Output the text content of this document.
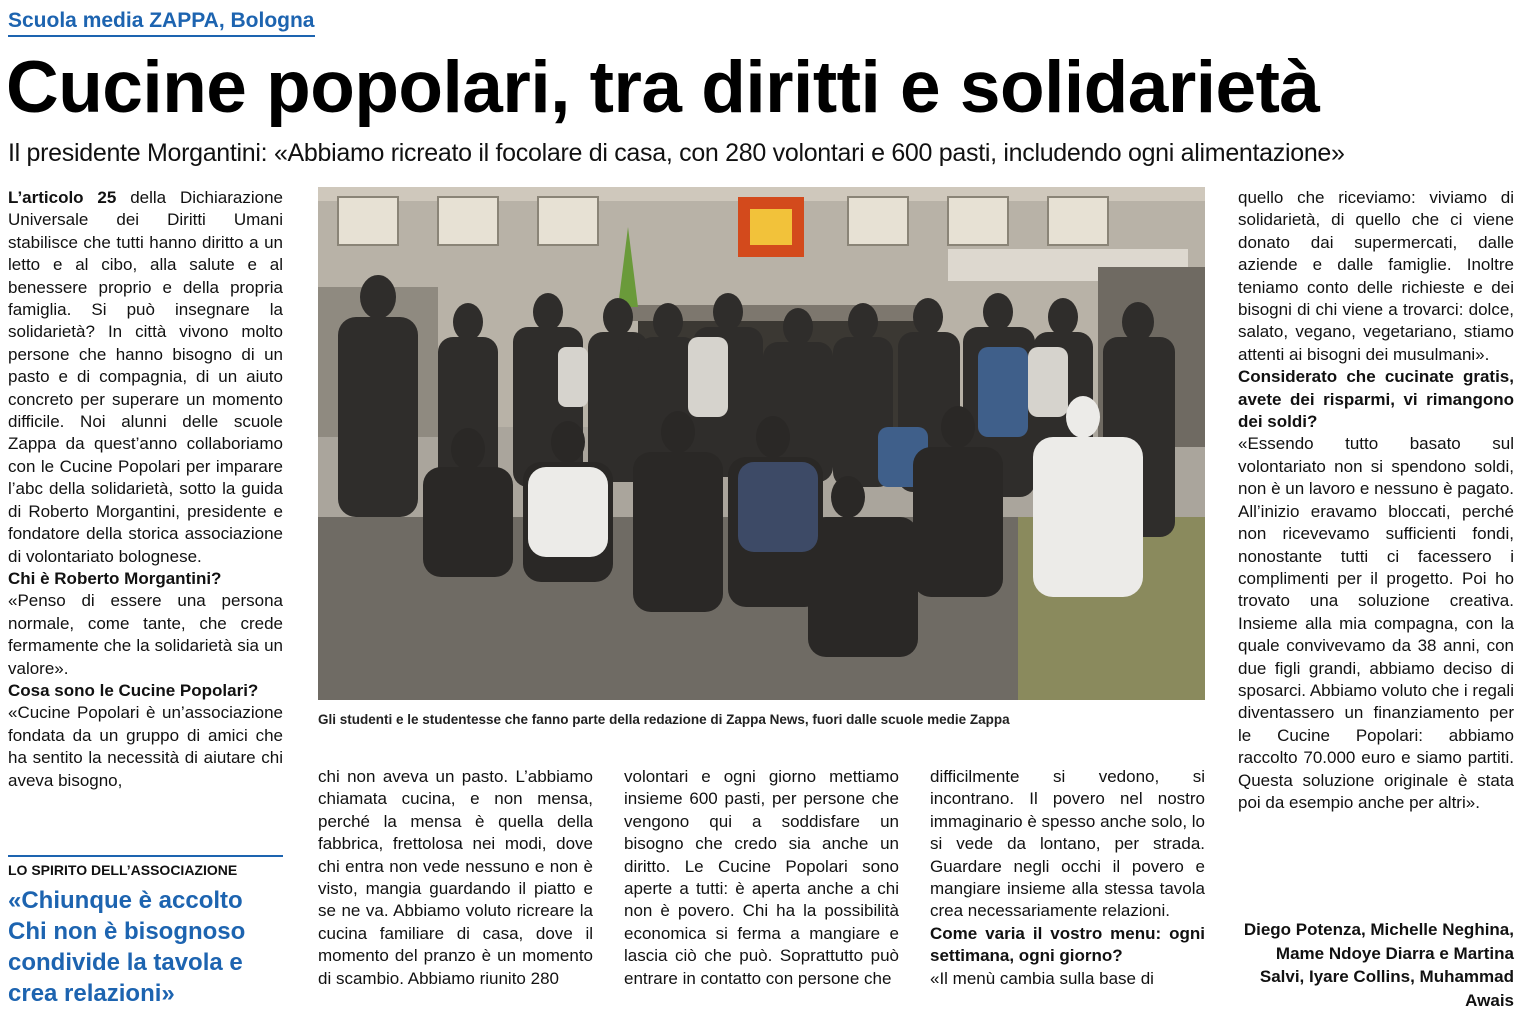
Scuola media ZAPPA, Bologna
Cucine popolari, tra diritti e solidarietà
Il presidente Morgantini: «Abbiamo ricreato il focolare di casa, con 280 volontari e 600 pasti, includendo ogni alimentazione»

L’articolo 25 della Dichiarazione Universale dei Diritti Umani stabilisce che tutti hanno diritto a un letto e al cibo, alla salute e al benessere proprio e della propria famiglia. Si può insegnare la solidarietà? In città vivono molto persone che hanno bisogno di un pasto e di compagnia, di un aiuto concreto per superare un momento difficile. Noi alunni delle scuole Zappa da quest’anno collaboriamo con le Cucine Popolari per imparare l’abc della solidarietà, sotto la guida di Roberto Morgantini, presidente e fondatore della storica associazione di volontariato bolognese.

Chi è Roberto Morgantini?

«Penso di essere una persona normale, come tante, che crede fermamente che la solidarietà sia un valore».

Cosa sono le Cucine Popolari?

«Cucine Popolari è un’associazione fondata da un gruppo di amici che ha sentito la necessità di aiutare chi aveva bisogno,

LO SPIRITO DELL’ASSOCIAZIONE
«Chiunque è accolto Chi non è bisognoso condivide la tavola e crea relazioni»
Gli studenti e le studentesse che fanno parte della redazione di Zappa News, fuori dalle scuole medie Zappa

chi non aveva un pasto. L’abbiamo chiamata cucina, e non mensa, perché la mensa è quella della fabbrica, frettolosa nei modi, dove chi entra non vede nessuno e non è visto, mangia guardando il piatto e se ne va. Abbiamo voluto ricreare la cucina familiare di casa, dove il momento del pranzo è un momento di scambio. Abbiamo riunito 280

volontari e ogni giorno mettiamo insieme 600 pasti, per persone che vengono qui a soddisfare un bisogno che credo sia anche un diritto. Le Cucine Popolari sono aperte a tutti: è aperta anche a chi non è povero. Chi ha la possibilità economica si ferma a mangiare e lascia ciò che può. Soprattutto può entrare in contatto con persone che

difficilmente si vedono, si incontrano. Il povero nel nostro immaginario è spesso anche solo, lo si vede da lontano, per strada. Guardare negli occhi il povero e mangiare insieme alla stessa tavola crea necessariamente relazioni.

Come varia il vostro menu: ogni settimana, ogni giorno?

«Il menù cambia sulla base di

quello che riceviamo: viviamo di solidarietà, di quello che ci viene donato dai supermercati, dalle aziende e dalle famiglie. Inoltre teniamo conto delle richieste e dei bisogni di chi viene a trovarci: dolce, salato, vegano, vegetariano, stiamo attenti ai bisogni dei musulmani».

Considerato che cucinate gratis, avete dei risparmi, vi rimangono dei soldi?

«Essendo tutto basato sul volontariato non si spendono soldi, non è un lavoro e nessuno è pagato. All’inizio eravamo bloccati, perché non ricevevamo sufficienti fondi, nonostante tutti ci facessero i complimenti per il progetto. Poi ho trovato una soluzione creativa. Insieme alla mia compagna, con la quale convivevamo da 38 anni, con due figli grandi, abbiamo deciso di sposarci. Abbiamo voluto che i regali diventassero un finanziamento per le Cucine Popolari: abbiamo raccolto 70.000 euro e siamo partiti. Questa soluzione originale è stata poi da esempio anche per altri».

Diego Potenza, Michelle Neghina, Mame Ndoye Diarra e Martina Salvi, Iyare Collins, Muhammad Awais
